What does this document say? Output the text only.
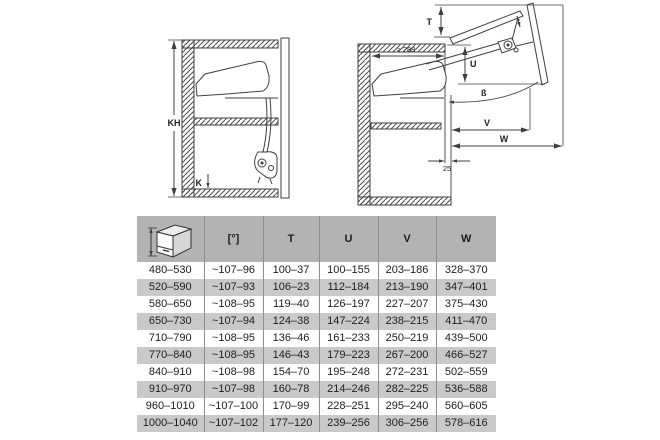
KH
K
T
≥ 288
U
ß
V
W
25
	[°]	T	U	V	W
480–530	~107–96	100–37	100–155	203–186	328–370
520–590	~107–93	106–23	112–184	213–190	347–401
580–650	~108–95	119–40	126–197	227–207	375–430
650–730	~107–94	124–38	147–224	238–215	411–470
710–790	~108–95	136–46	161–233	250–219	439–500
770–840	~108–95	146–43	179–223	267–200	466–527
840–910	~108–98	154–70	195–248	272–231	502–559
910–970	~107–98	160–78	214–246	282–225	536–588
960–1010	~107–100	170–99	228–251	295–240	560–605
1000–1040	~107–102	177–120	239–256	306–256	578–616
